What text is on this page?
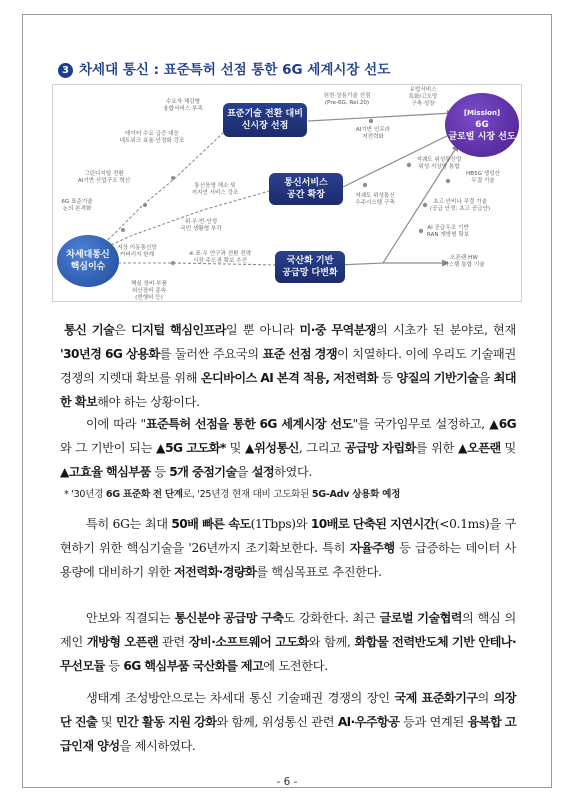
3 차세대 통신 : 표준특허 선점 통한 6G 세계시장 선도
[Mission]
6G
글로벌 시장 선도
표준기술 전환 대비
신시장 선점
통신서비스
공간 확장
국산화 기반
공급망 다변화
차세대통신
핵심이슈
유럽서비스
특화/고도망
구축·성장
원천·상용기술 선점
(Pre-6G, Rel.20)
AI기반 인프라
저전력화
수요자 체감형
융합서비스 부족
데이터 수요 급증 대응
네트워크 효율·안정화 강조
그린디지털 전환
AI기반 산업구조 혁신
6G 표준기술
논의 본격화
통신음영 해소 및
저지연 서비스 강조
지상 이동통신망
커버리지 한계
위·우·반·안정
국민 생활형 부각
※ 표·우 연구과 전환 전략
시장 주도권 확보 추진
핵심 장비·부품
외산장비 종속
(현행비 등)
저궤도 위성통신
우주시스템 구축
저궤도 위성통신망
위성·지상망 통합
HB5G 생성산
무결 기술
초고·안비나 무결 기술
(공급 안정: 초고 공급안)
AI 공급우조 기반
RAN 개방형 확보
오픈랜 HW
시스템 통합 기술
통신 기술은 디지털 핵심인프라일 뿐 아니라 미·중 무역분쟁의 시초가 된 분야로, 현재 '30년경 6G 상용화를 둘러싼 주요국의 표준 선점 경쟁이 치열하다. 이에 우리도 기술패권 경쟁의 지렛대 확보를 위해 온디바이스 AI 본격 적용, 저전력화 등 양질의 기반기술을 최대한 확보해야 하는 상황이다.
이에 따라 "표준특허 선점을 통한 6G 세계시장 선도"를 국가임무로 설정하고, ▲6G와 그 기반이 되는 ▲5G 고도화* 및 ▲위성통신, 그리고 공급망 자립화를 위한 ▲오픈랜 및 ▲고효율 핵심부품 등 5개 중점기술을 설정하였다.
* '30년경 6G 표준화 전 단계로, '25년경 현재 대비 고도화된 5G-Adv 상용화 예정
특히 6G는 최대 50배 빠른 속도(1Tbps)와 10배로 단축된 지연시간(<0.1ms)을 구현하기 위한 핵심기술을 '26년까지 조기확보한다. 특히 자율주행 등 급증하는 데이터 사용량에 대비하기 위한 저전력화·경량화를 핵심목표로 추진한다.
안보와 직결되는 통신분야 공급망 구축도 강화한다. 최근 글로벌 기술협력의 핵심 의제인 개방형 오픈랜 관련 장비·소프트웨어 고도화와 함께, 화합물 전력반도체 기반 안테나·무선모듈 등 6G 핵심부품 국산화를 제고에 도전한다.
생태계 조성방안으로는 차세대 통신 기술패권 경쟁의 장인 국제 표준화기구의 의장단 진출 및 민간 활동 지원 강화와 함께, 위성통신 관련 AI·우주항공 등과 연계된 융복합 고급인재 양성을 제시하였다.
- 6 -
